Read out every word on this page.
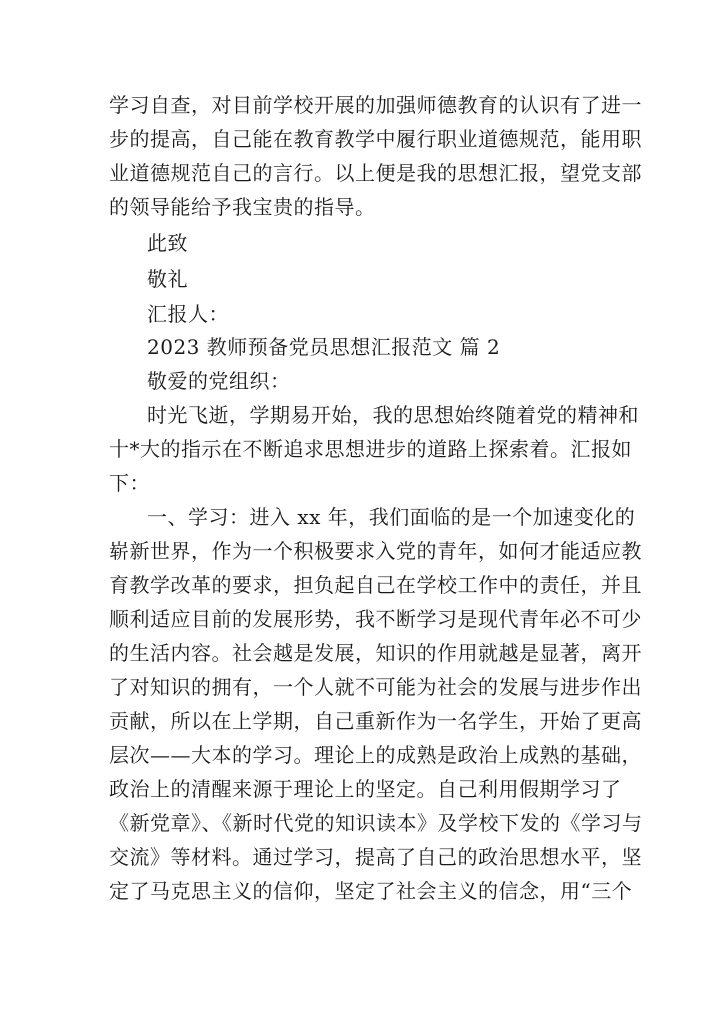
学习自查，对目前学校开展的加强师德教育的认识有了进一
步的提高，自己能在教育教学中履行职业道德规范，能用职
业道德规范自己的言行。以上便是我的思想汇报，望党支部
的领导能给予我宝贵的指导。
此致
敬礼
汇报人：
2023 教师预备党员思想汇报范文 篇 2
敬爱的党组织：
时光飞逝，学期易开始，我的思想始终随着党的精神和
十*大的指示在不断追求思想进步的道路上探索着。汇报如
下：
一、学习：进入 xx 年，我们面临的是一个加速变化的
崭新世界，作为一个积极要求入党的青年，如何才能适应教
育教学改革的要求，担负起自己在学校工作中的责任，并且
顺利适应目前的发展形势，我不断学习是现代青年必不可少
的生活内容。社会越是发展，知识的作用就越是显著，离开
了对知识的拥有，一个人就不可能为社会的发展与进步作出
贡献，所以在上学期，自己重新作为一名学生，开始了更高
层次——大本的学习。理论上的成熟是政治上成熟的基础，
政治上的清醒来源于理论上的坚定。自己利用假期学习了
《新党章》、《新时代党的知识读本》及学校下发的《学习与
交流》等材料。通过学习，提高了自己的政治思想水平，坚
定了马克思主义的信仰，坚定了社会主义的信念，用“三个
